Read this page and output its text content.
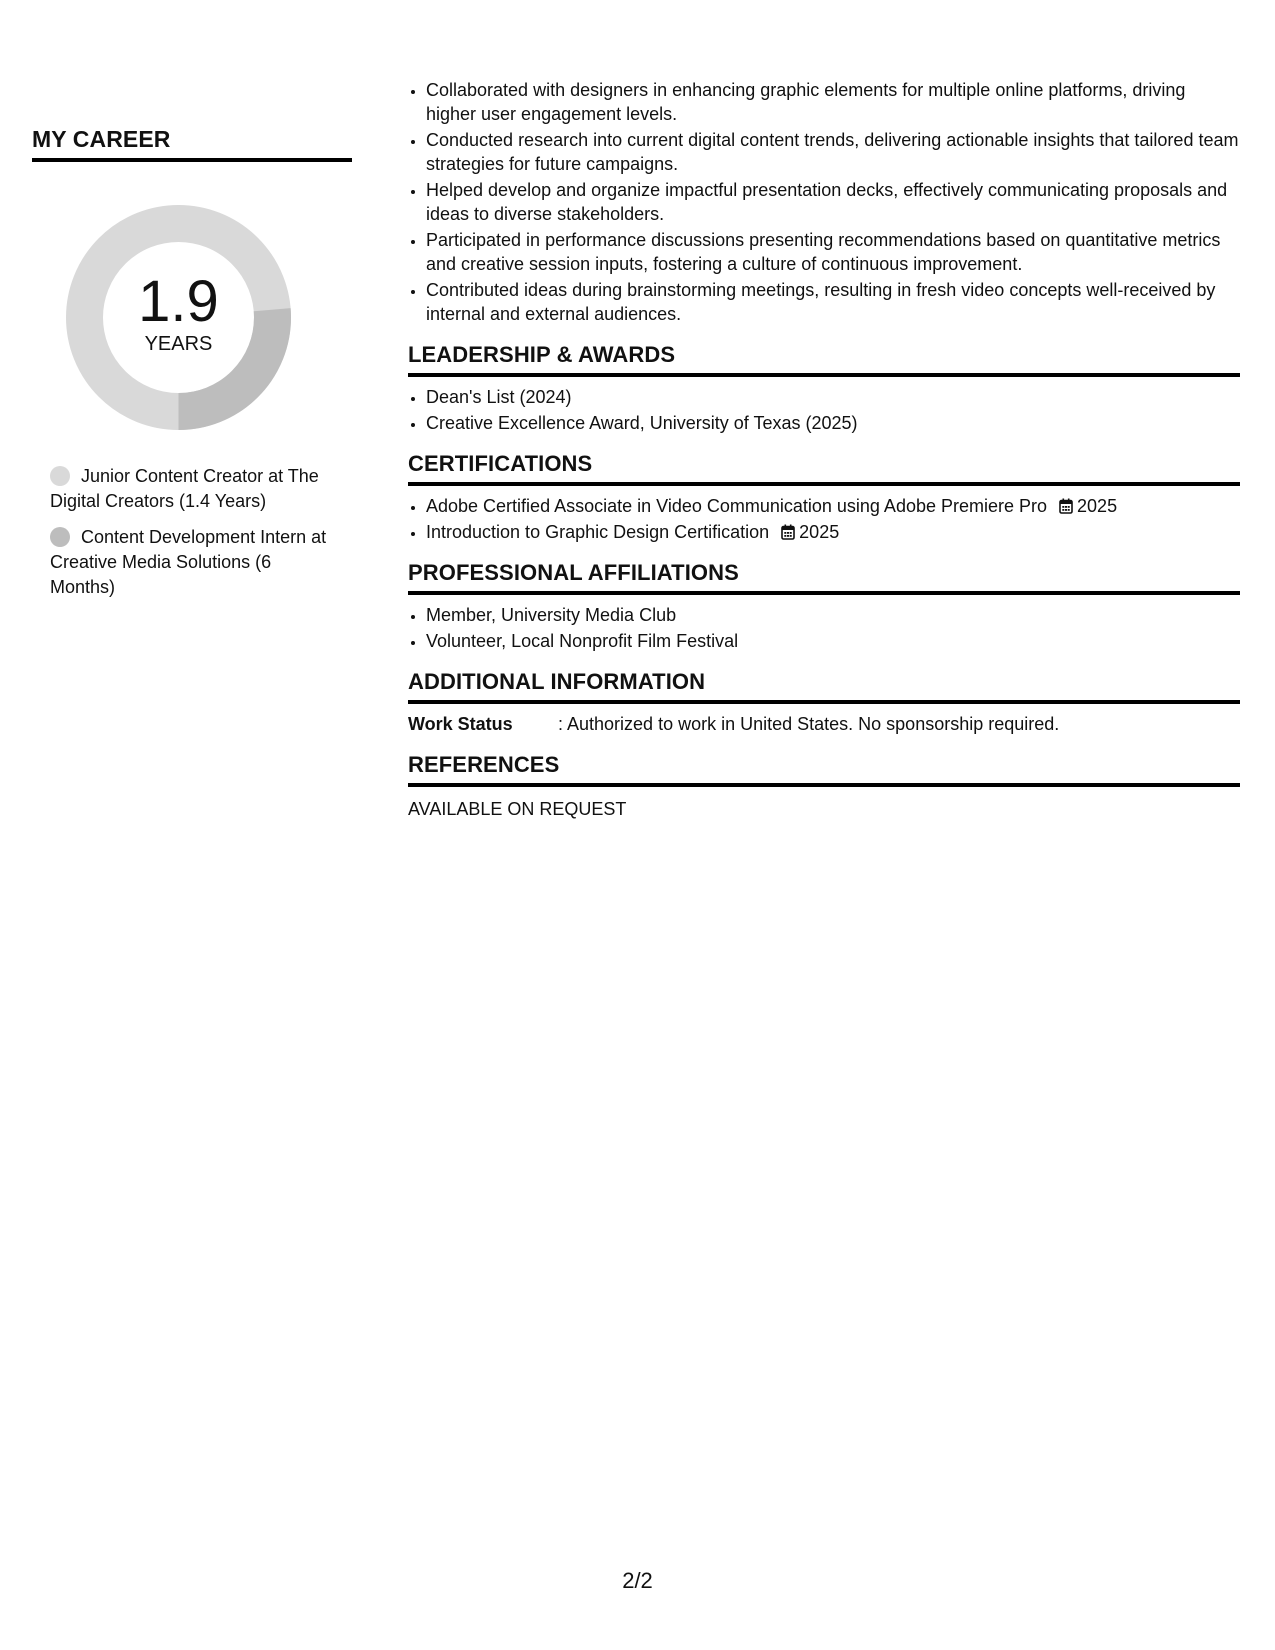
MY CAREER
1.9
YEARS
Junior Content Creator at The Digital Creators (1.4 Years)
Content Development Intern at Creative Media Solutions (6 Months)
• Collaborated with designers in enhancing graphic elements for multiple online platforms, driving higher user engagement levels.
• Conducted research into current digital content trends, delivering actionable insights that tailored team strategies for future campaigns.
• Helped develop and organize impactful presentation decks, effectively communicating proposals and ideas to diverse stakeholders.
• Participated in performance discussions presenting recommendations based on quantitative metrics and creative session inputs, fostering a culture of continuous improvement.
• Contributed ideas during brainstorming meetings, resulting in fresh video concepts well-received by internal and external audiences.
LEADERSHIP & AWARDS
• Dean's List (2024)
• Creative Excellence Award, University of Texas (2025)
CERTIFICATIONS
• Adobe Certified Associate in Video Communication using Adobe Premiere Pro 2025
• Introduction to Graphic Design Certification 2025
PROFESSIONAL AFFILIATIONS
• Member, University Media Club
• Volunteer, Local Nonprofit Film Festival
ADDITIONAL INFORMATION
Work Status	: Authorized to work in United States. No sponsorship required.
REFERENCES
AVAILABLE ON REQUEST
2/2
